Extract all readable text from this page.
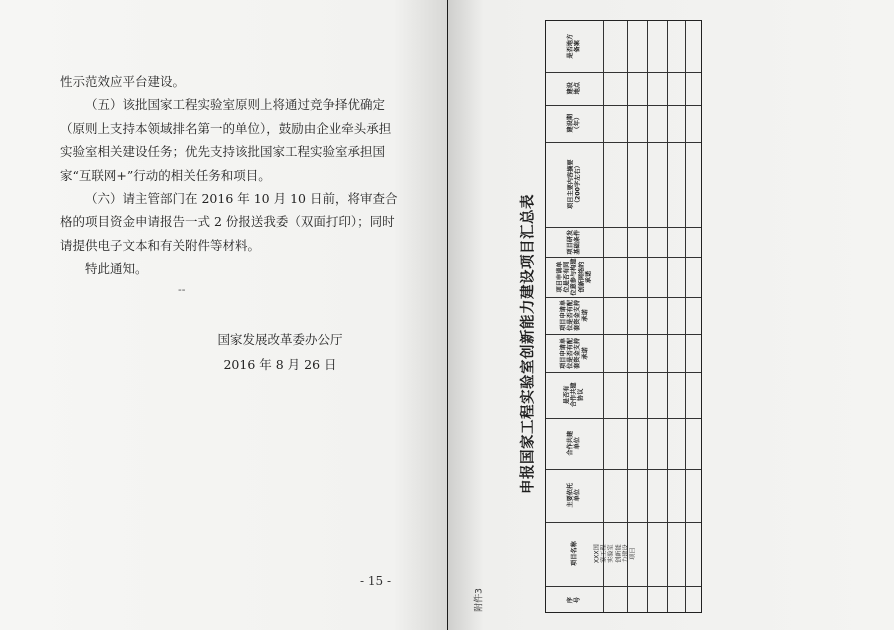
性示范效应平台建设。

（五）该批国家工程实验室原则上将通过竞争择优确定（原则上支持本领域排名第一的单位），鼓励由企业牵头承担实验室相关建设任务；优先支持该批国家工程实验室承担国家“互联网+”行动的相关任务和项目。

（六）请主管部门在 2016 年 10 月 10 日前，将审查合格的项目资金申请报告一式 2 份报送我委（双面打印）；同时请提供电子文本和有关附件等材料。

特此通知。

--
国家发展改革委办公厅
2016 年 8 月 26 日
- 15 -
附件3
申报国家工程实验室创新能力建设项目汇总表
序
号
项目名称
主要依托
单位
合作共建
单位
是否有
合作共建
协议
项目申请单
位是否有配
套资金支持
承诺
项目申请单
位是否有配
套资金支持
承诺
项目申请单
位是否有同
位意参与构建
创新网络的
承诺
项目研发
基础条件
项目主要内容摘要
（200字左右）
建设期
（年）
建设
地点
是否地方
备案
XXX国家工程实验室
创新能力建设项目
